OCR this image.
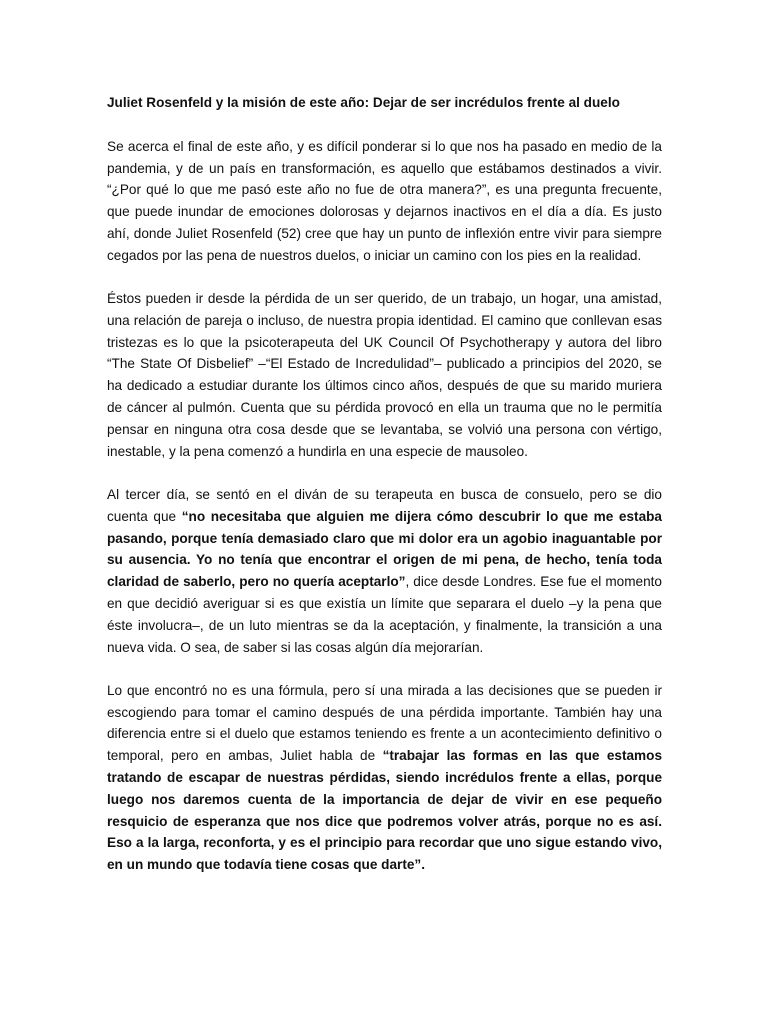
Juliet Rosenfeld y la misión de este año: Dejar de ser incrédulos frente al duelo
Se acerca el final de este año, y es difícil ponderar si lo que nos ha pasado en medio de la pandemia, y de un país en transformación, es aquello que estábamos destinados a vivir. “¿Por qué lo que me pasó este año no fue de otra manera?”, es una pregunta frecuente, que puede inundar de emociones dolorosas y dejarnos inactivos en el día a día. Es justo ahí, donde Juliet Rosenfeld (52) cree que hay un punto de inflexión entre vivir para siempre cegados por las pena de nuestros duelos, o iniciar un camino con los pies en la realidad.
Éstos pueden ir desde la pérdida de un ser querido, de un trabajo, un hogar, una amistad, una relación de pareja o incluso, de nuestra propia identidad. El camino que conllevan esas tristezas es lo que la psicoterapeuta del UK Council Of Psychotherapy y autora del libro “The State Of Disbelief” –“El Estado de Incredulidad”– publicado a principios del 2020, se ha dedicado a estudiar durante los últimos cinco años, después de que su marido muriera de cáncer al pulmón. Cuenta que su pérdida provocó en ella un trauma que no le permitía pensar en ninguna otra cosa desde que se levantaba, se volvió una persona con vértigo, inestable, y la pena comenzó a hundirla en una especie de mausoleo.
Al tercer día, se sentó en el diván de su terapeuta en busca de consuelo, pero se dio cuenta que “no necesitaba que alguien me dijera cómo descubrir lo que me estaba pasando, porque tenía demasiado claro que mi dolor era un agobio inaguantable por su ausencia. Yo no tenía que encontrar el origen de mi pena, de hecho, tenía toda claridad de saberlo, pero no quería aceptarlo”, dice desde Londres. Ese fue el momento en que decidió averiguar si es que existía un límite que separara el duelo –y la pena que éste involucra–, de un luto mientras se da la aceptación, y finalmente, la transición a una nueva vida. O sea, de saber si las cosas algún día mejorarían.
Lo que encontró no es una fórmula, pero sí una mirada a las decisiones que se pueden ir escogiendo para tomar el camino después de una pérdida importante. También hay una diferencia entre si el duelo que estamos teniendo es frente a un acontecimiento definitivo o temporal, pero en ambas, Juliet habla de “trabajar las formas en las que estamos tratando de escapar de nuestras pérdidas, siendo incrédulos frente a ellas, porque luego nos daremos cuenta de la importancia de dejar de vivir en ese pequeño resquicio de esperanza que nos dice que podremos volver atrás, porque no es así. Eso a la larga, reconforta, y es el principio para recordar que uno sigue estando vivo, en un mundo que todavía tiene cosas que darte”.
